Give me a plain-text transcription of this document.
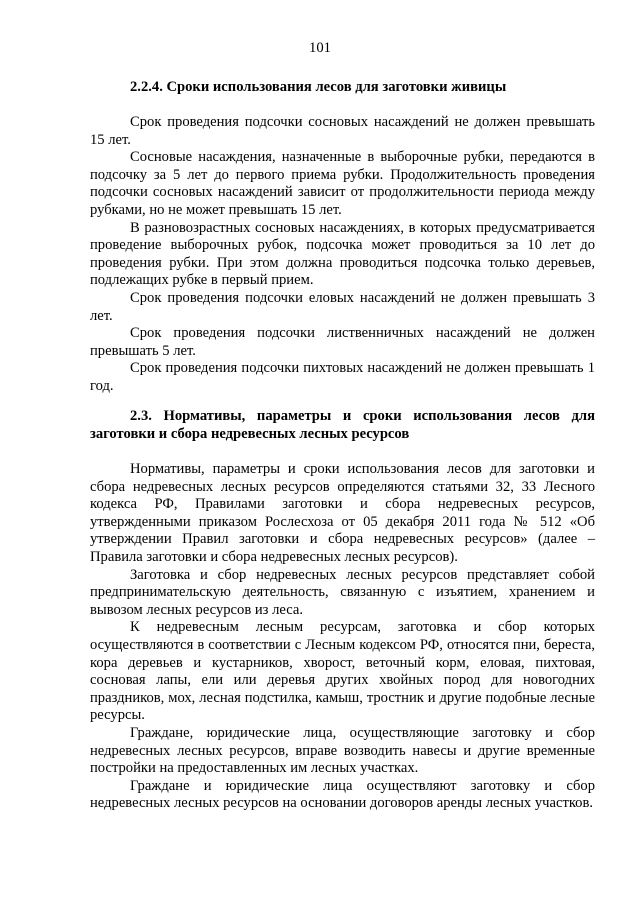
101

2.2.4. Сроки использования лесов для заготовки живицы

Срок проведения подсочки сосновых насаждений не должен превышать 15 лет.

Сосновые насаждения, назначенные в выборочные рубки, передаются в подсочку за 5 лет до первого приема рубки. Продолжительность проведения подсочки сосновых насаждений зависит от продолжительности периода между рубками, но не может превышать 15 лет.

В разновозрастных сосновых насаждениях, в которых предусматривается проведение выборочных рубок, подсочка может проводиться за 10 лет до проведения рубки. При этом должна проводиться подсочка только деревьев, подлежащих рубке в первый прием.

Срок проведения подсочки еловых насаждений не должен превышать 3 лет.

Срок проведения подсочки лиственничных насаждений не должен превышать 5 лет.

Срок проведения подсочки пихтовых насаждений не должен превышать 1 год.

2.3. Нормативы, параметры и сроки использования лесов для заготовки и сбора недревесных лесных ресурсов

Нормативы, параметры и сроки использования лесов для заготовки и сбора недревесных лесных ресурсов определяются статьями 32, 33 Лесного кодекса РФ, Правилами заготовки и сбора недревесных ресурсов, утвержденными приказом Рослесхоза от 05 декабря 2011 года № 512 «Об утверждении Правил заготовки и сбора недревесных ресурсов» (далее – Правила заготовки и сбора недревесных лесных ресурсов).

Заготовка и сбор недревесных лесных ресурсов представляет собой предпринимательскую деятельность, связанную с изъятием, хранением и вывозом лесных ресурсов из леса.

К недревесным лесным ресурсам, заготовка и сбор которых осуществляются в соответствии с Лесным кодексом РФ, относятся пни, береста, кора деревьев и кустарников, хворост, веточный корм, еловая, пихтовая, сосновая лапы, ели или деревья других хвойных пород для новогодних праздников, мох, лесная подстилка, камыш, тростник и другие подобные лесные ресурсы.

Граждане, юридические лица, осуществляющие заготовку и сбор недревесных лесных ресурсов, вправе возводить навесы и другие временные постройки на предоставленных им лесных участках.

Граждане и юридические лица осуществляют заготовку и сбор недревесных лесных ресурсов на основании договоров аренды лесных участков.
